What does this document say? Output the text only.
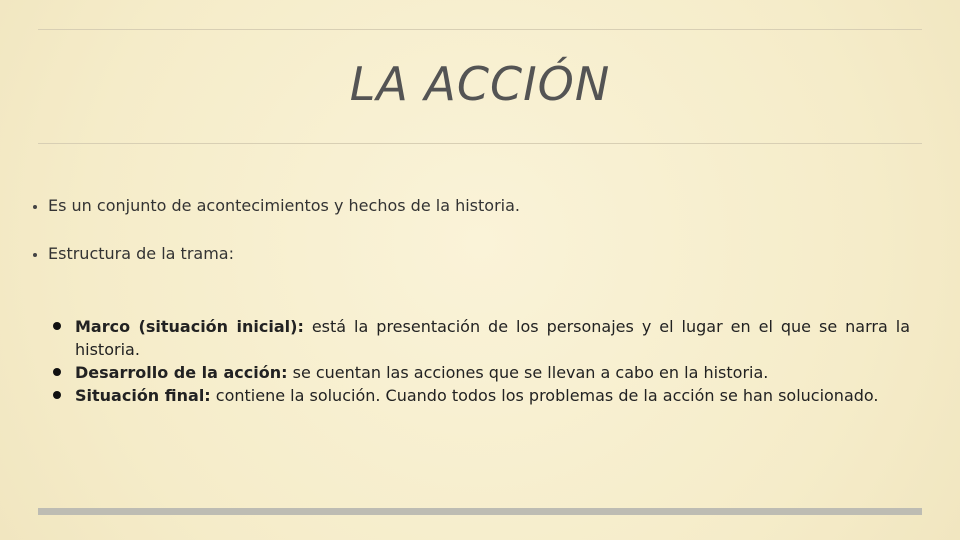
LA ACCIÓN
Es un conjunto de acontecimientos y hechos de la historia.
Estructura de la trama:
Marco (situación inicial): está la presentación de los personajes y el lugar en el que se narra la historia.
Desarrollo de la acción: se cuentan las acciones que se llevan a cabo en la historia.
Situación final: contiene la solución. Cuando todos los problemas de la acción se han solucionado.
